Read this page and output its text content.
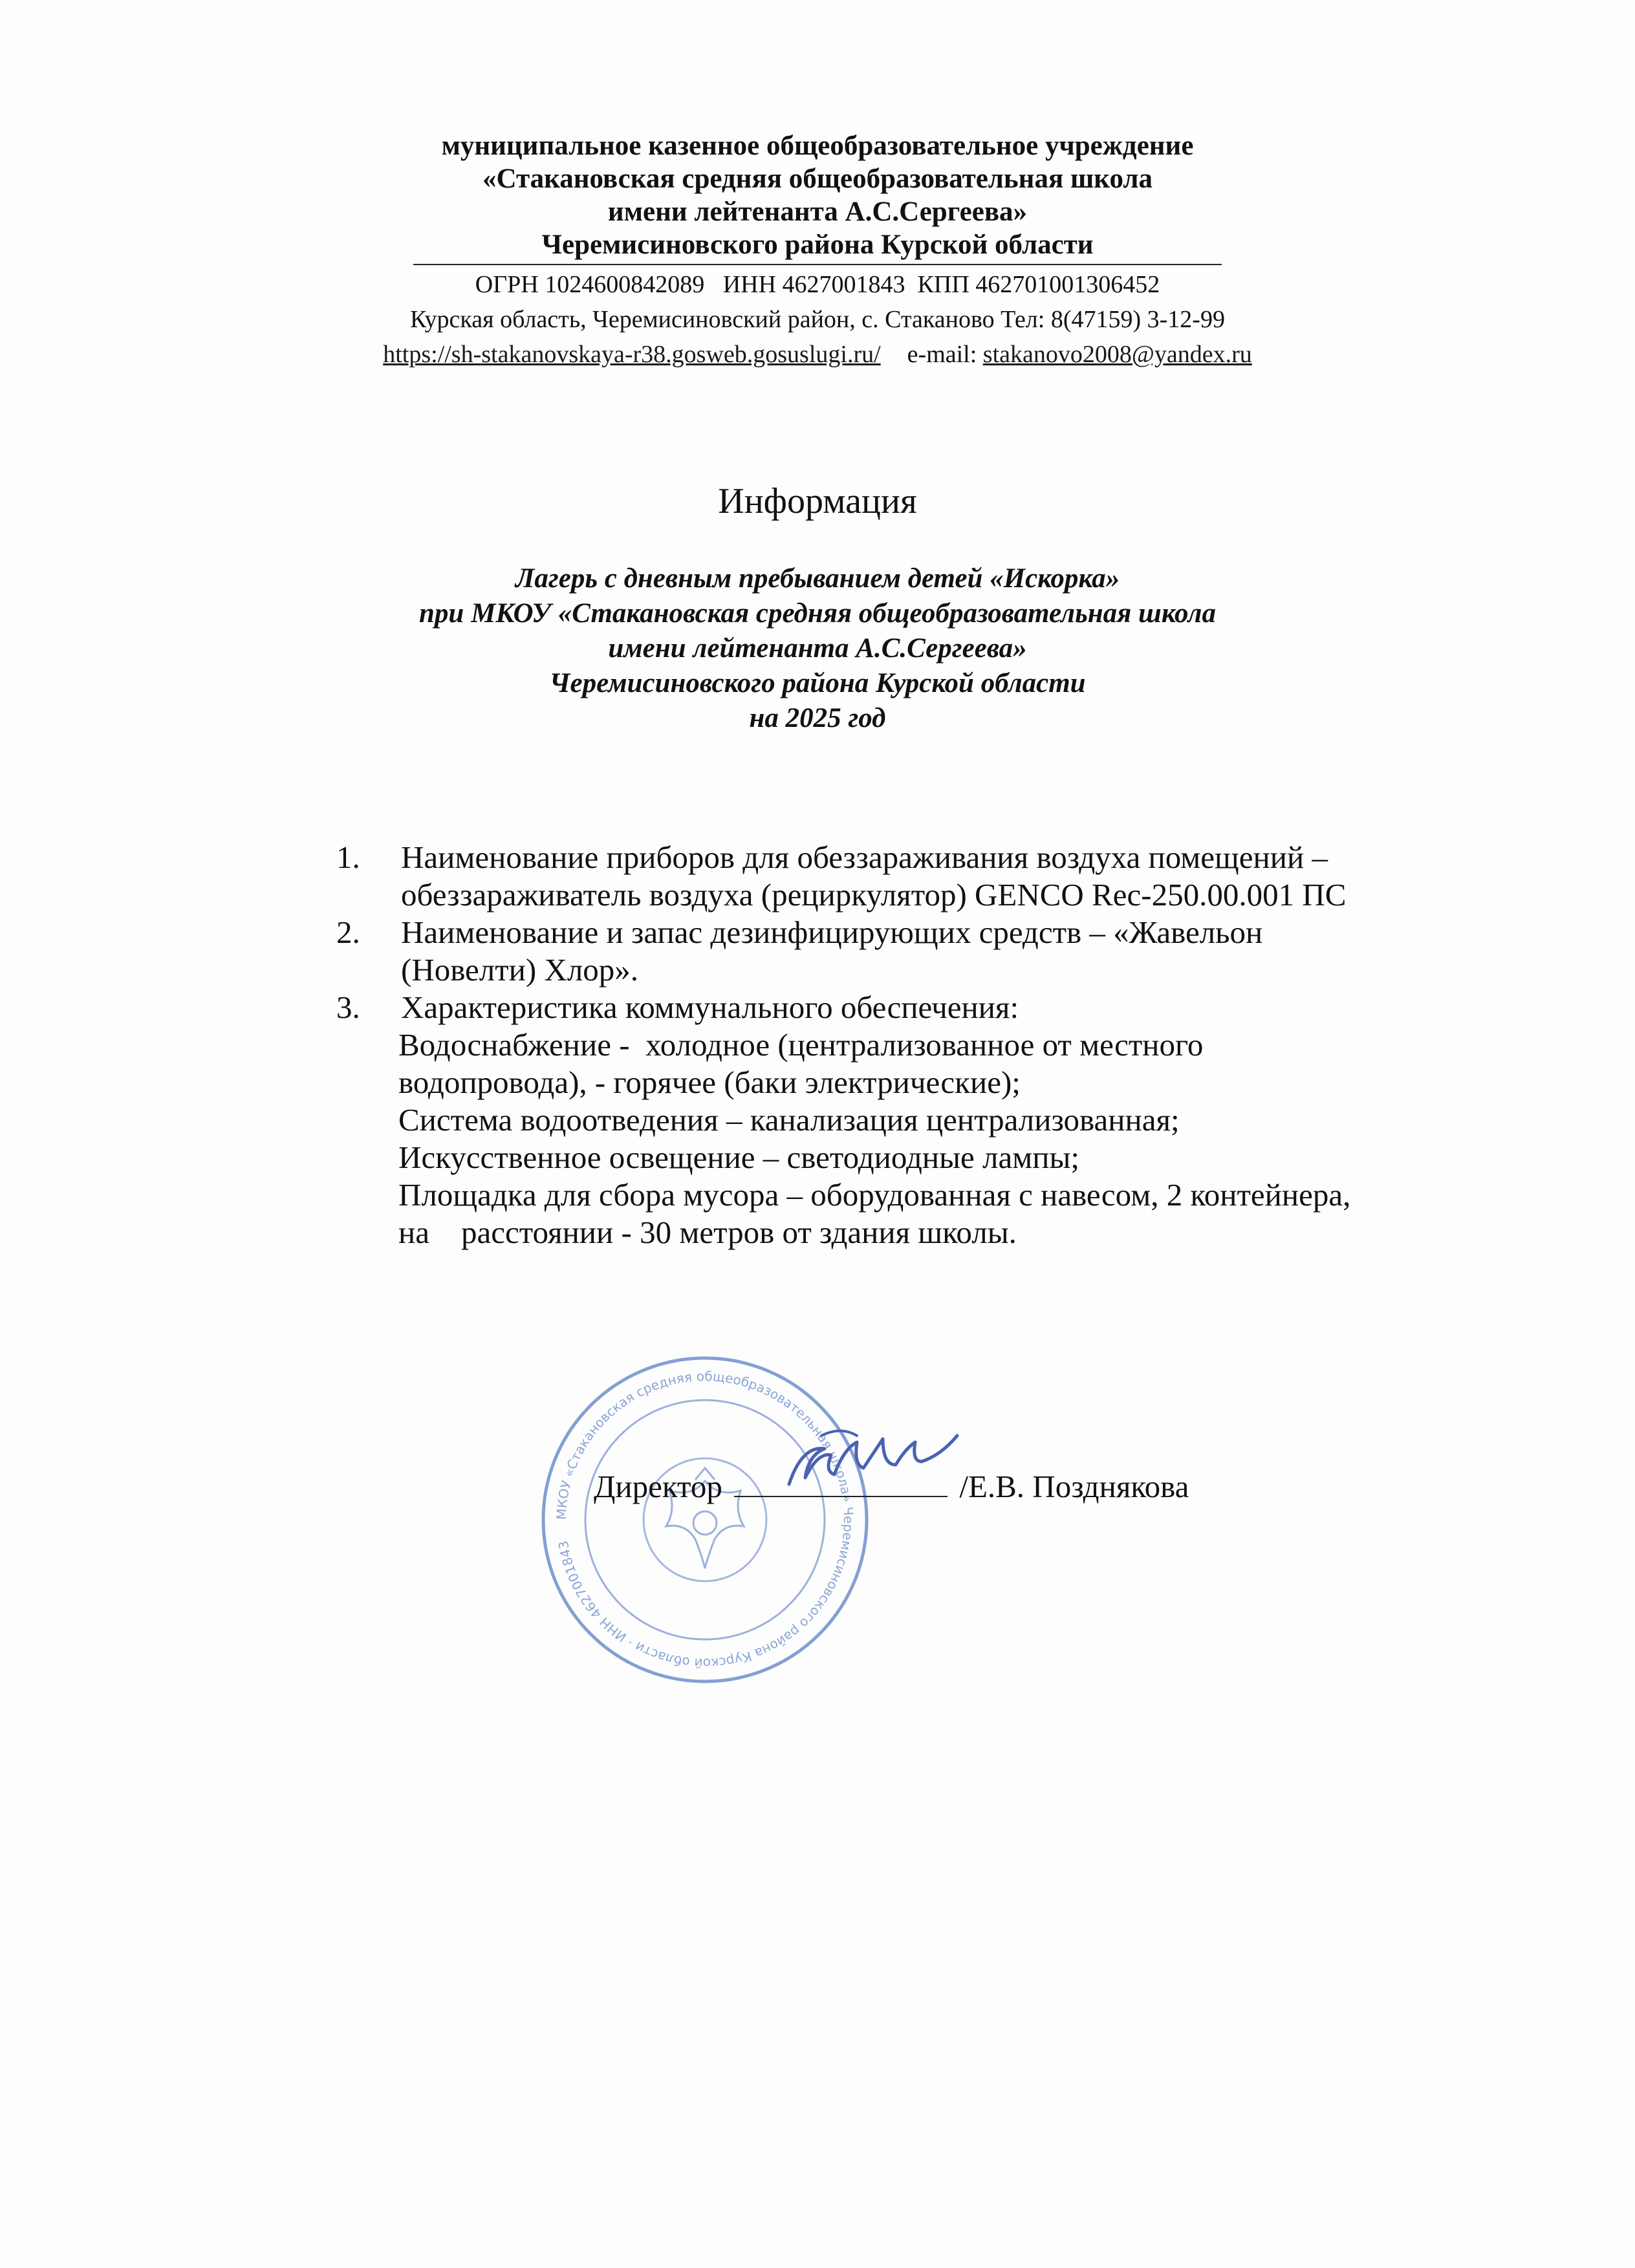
муниципальное казенное общеобразовательное учреждение
«Стакановская средняя общеобразовательная школа
имени лейтенанта А.С.Сергеева»
Черемисиновского района Курской области
ОГРН 1024600842089   ИНН 4627001843  КПП 462701001306452
Курская область, Черемисиновский район, с. Стаканово Тел: 8(47159) 3-12-99
https://sh-stakanovskaya-r38.gosweb.gosuslugi.ru/ e-mail: stakanovo2008@yandex.ru
Информация
Лагерь с дневным пребыванием детей «Искорка»
при МКОУ «Стакановская средняя общеобразовательная школа
имени лейтенанта А.С.Сергеева»
Черемисиновского района Курской области
на 2025 год
1. Наименование приборов для обеззараживания воздуха помещений –

обеззараживатель воздуха (рециркулятор) GENCO Rec-250.00.001 ПС

2. Наименование и запас дезинфицирующих средств – «Жавельон

(Новелти) Хлор».

3. Характеристика коммунального обеспечения:

Водоснабжение -  холодное (централизованное от местного

водопровода), - горячее (баки электрические);

Система водоотведения – канализация централизованная;

Искусственное освещение – светодиодные лампы;

Площадка для сбора мусора – оборудованная с навесом, 2 контейнера,

на    расстоянии - 30 метров от здания школы.

МКОУ «Стакановская средняя общеобразовательная школа» Черемисиновского района Курской области · ИНН 4627001843
Директор	/Е.В. Позднякова
